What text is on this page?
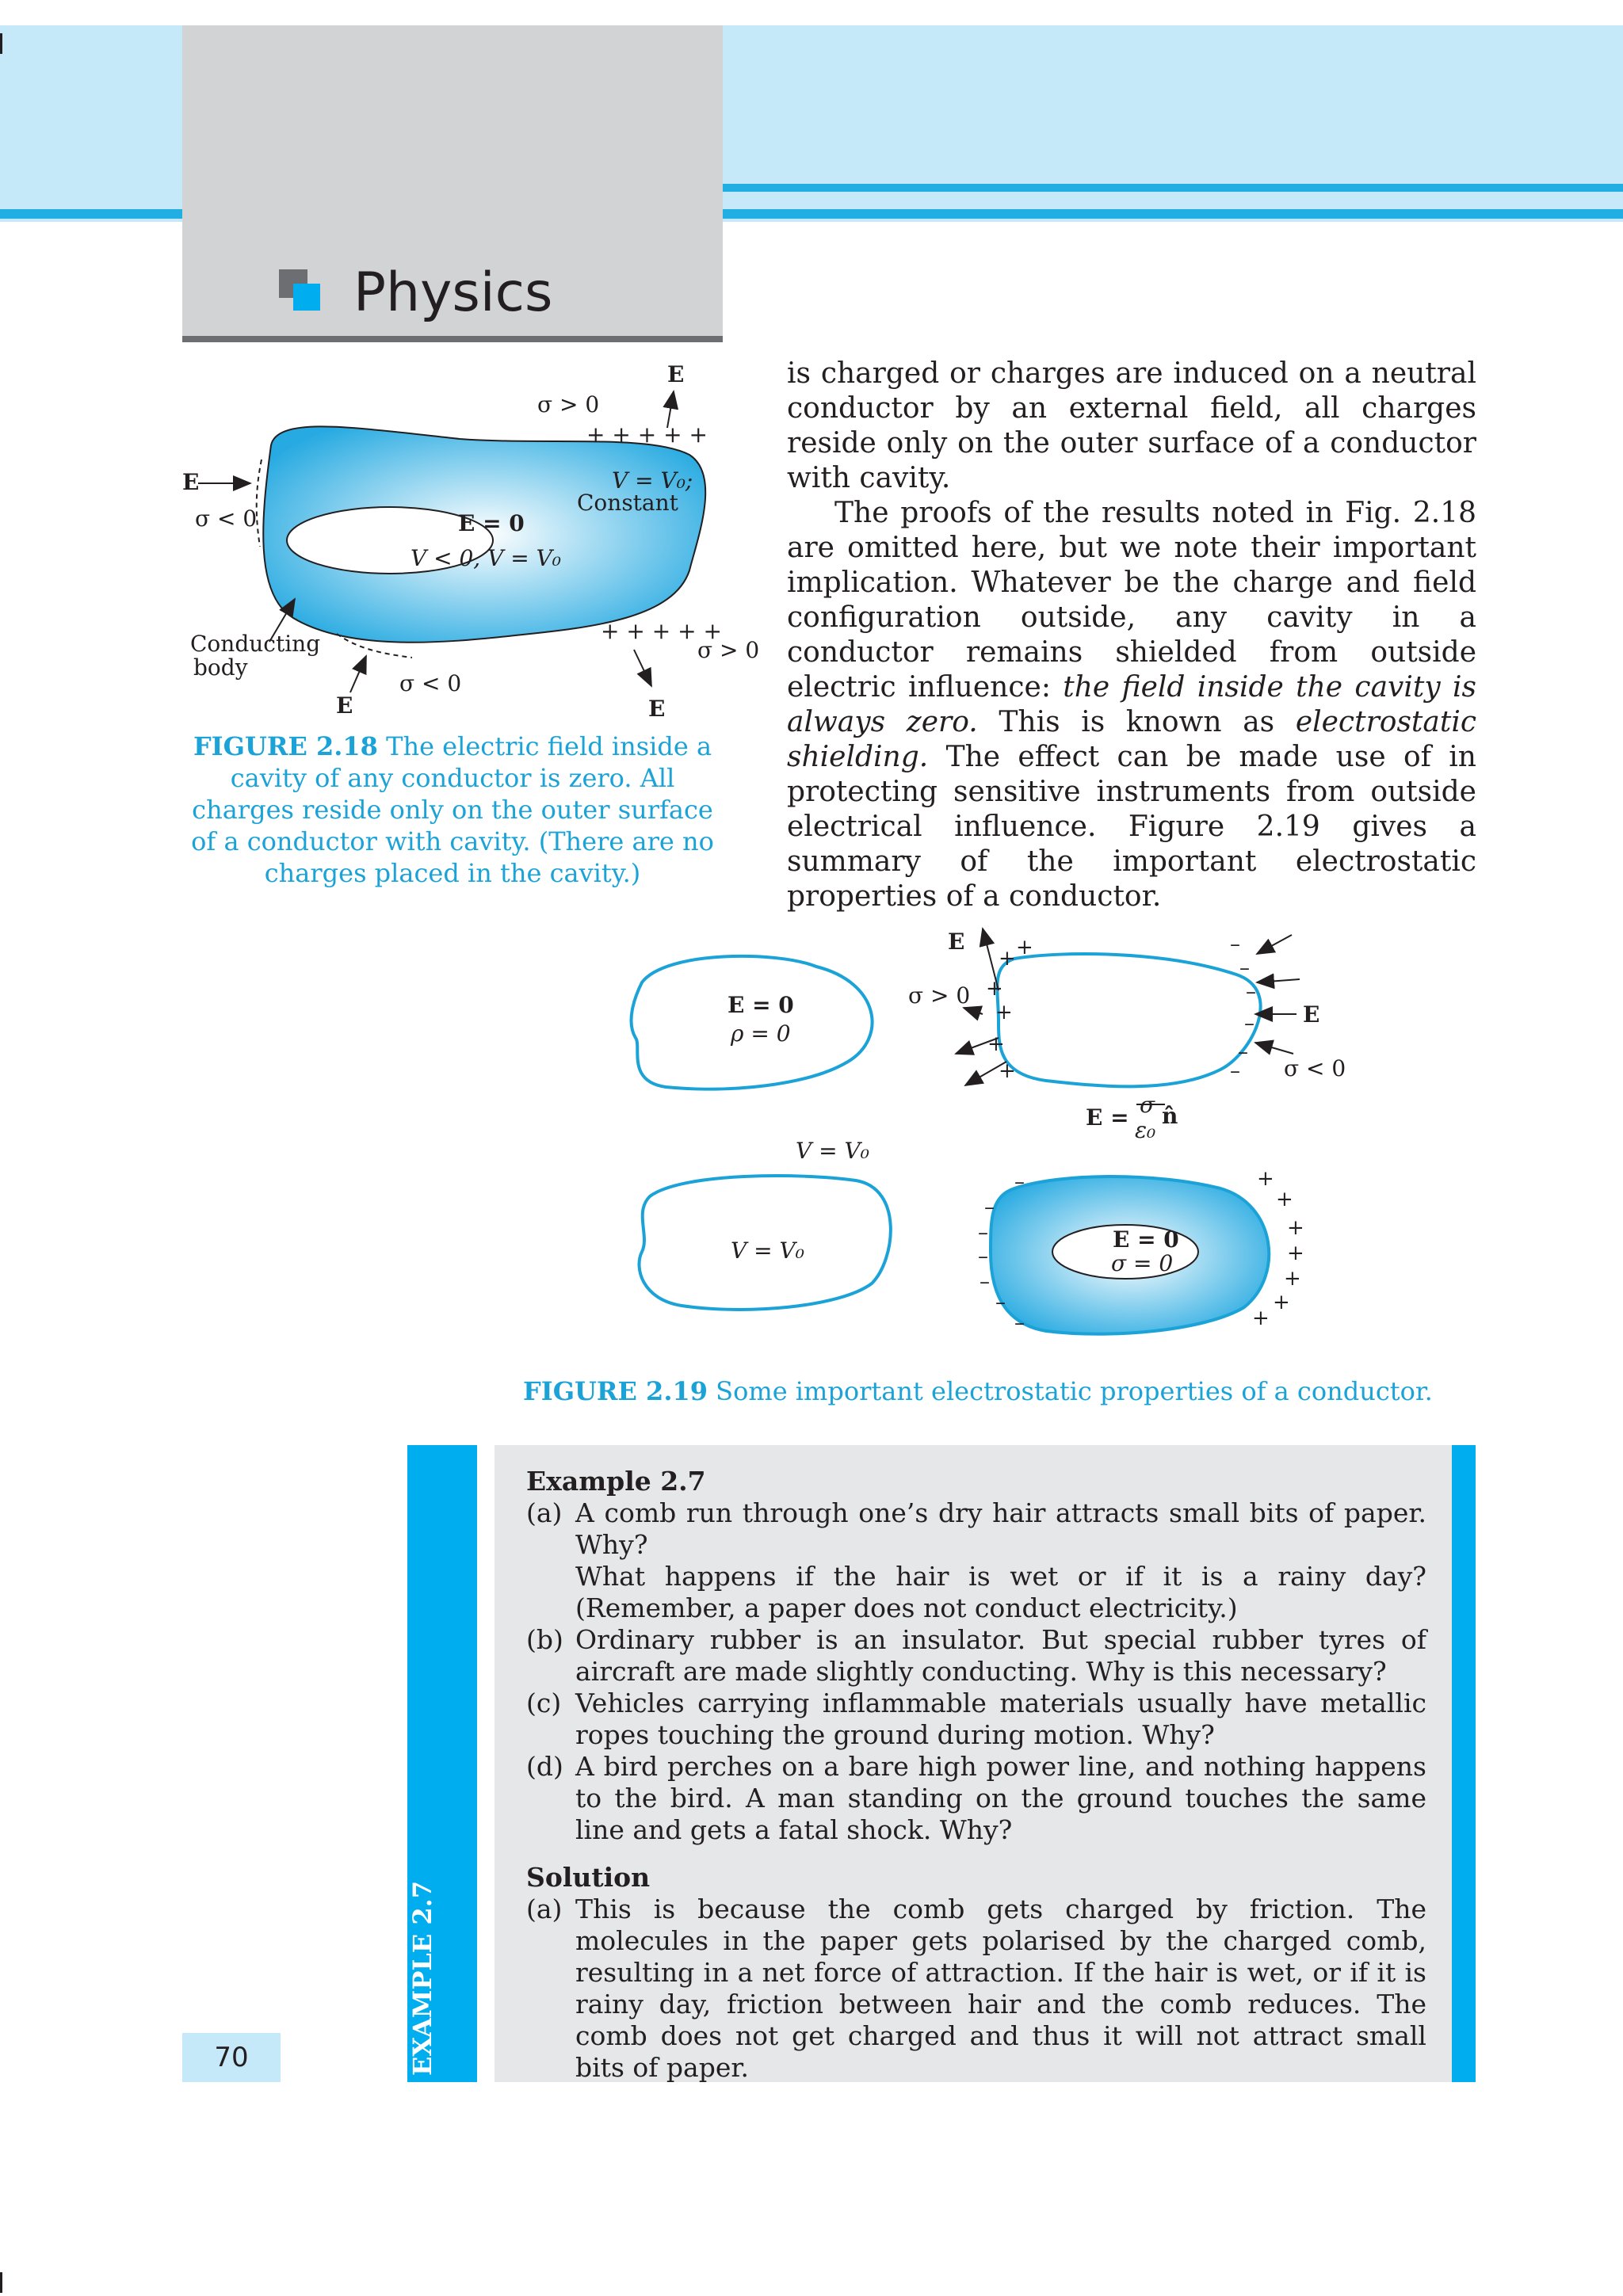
Physics
E
σ > 0
+ + + + +
E
σ < 0
V = V₀;
Constant
E = 0
V < 0, V = V₀
+ + + + +
σ > 0
Conducting
body
σ < 0
E	E
FIGURE 2.18 The electric field inside a cavity of any conductor is zero. All charges reside only on the outer surface of a conductor with cavity. (There are no charges placed in the cavity.)

is charged or charges are induced on a neutral conductor by an external field, all charges reside only on the outer surface of a conductor with cavity.

The proofs of the results noted in Fig. 2.18 are omitted here, but we note their important implication. Whatever be the charge and field configuration outside, any cavity in a conductor remains shielded from outside electric influence: the field inside the cavity is always zero. This is known as electrostatic shielding. The effect can be made use of in protecting sensitive instruments from outside electrical influence. Figure 2.19 gives a summary of the important electrostatic properties of a conductor.

+
+
+
+
+
+	–
–
–
–
–
–
–
–
–
–
–
–
–
+
+
+
+
+
+
+
E = 0
ρ = 0
E
σ > 0
E
σ < 0
E = σ
ε₀
n̂
V = V₀
V = V₀	E = 0
σ = 0
FIGURE 2.19 Some important electrostatic properties of a conductor.
EXAMPLE 2.7
Example 2.7
(a) A comb run through one’s dry hair attracts small bits of paper. Why?

What happens if the hair is wet or if it is a rainy day? (Remember, a paper does not conduct electricity.)

(b) Ordinary rubber is an insulator. But special rubber tyres of aircraft are made slightly conducting. Why is this necessary?

(c) Vehicles carrying inflammable materials usually have metallic ropes touching the ground during motion. Why?

(d) A bird perches on a bare high power line, and nothing happens to the bird. A man standing on the ground touches the same line and gets a fatal shock. Why?

Solution
(a) This is because the comb gets charged by friction. The molecules in the paper gets polarised by the charged comb, resulting in a net force of attraction. If the hair is wet, or if it is rainy day, friction between hair and the comb reduces. The comb does not get charged and thus it will not attract small bits of paper.

70
